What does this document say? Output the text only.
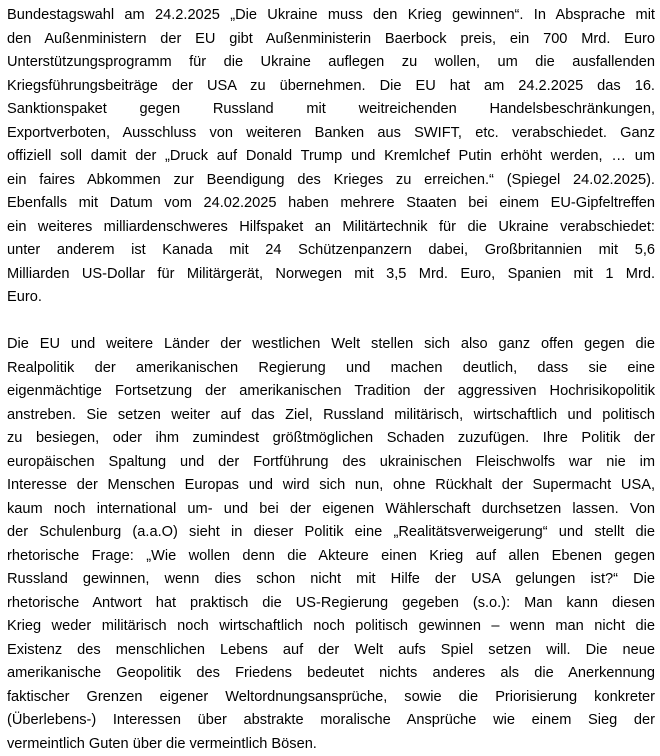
Bundestagswahl am 24.2.2025 „Die Ukraine muss den Krieg gewinnen“. In Absprache mit
den Außenministern der EU gibt Außenministerin Baerbock preis, ein 700 Mrd. Euro
Unterstützungsprogramm für die Ukraine auflegen zu wollen, um die ausfallenden
Kriegsführungsbeiträge der USA zu übernehmen. Die EU hat am 24.2.2025 das 16.
Sanktionspaket gegen Russland mit weitreichenden Handelsbeschränkungen,
Exportverboten, Ausschluss von weiteren Banken aus SWIFT, etc. verabschiedet. Ganz
offiziell soll damit der „Druck auf Donald Trump und Kremlchef Putin erhöht werden, … um
ein faires Abkommen zur Beendigung des Krieges zu erreichen.“ (Spiegel 24.02.2025).
Ebenfalls mit Datum vom 24.02.2025 haben mehrere Staaten bei einem EU-Gipfeltreffen
ein weiteres milliardenschweres Hilfspaket an Militärtechnik für die Ukraine verabschiedet:
unter anderem ist Kanada mit 24 Schützenpanzern dabei, Großbritannien mit 5,6
Milliarden US-Dollar für Militärgerät, Norwegen mit 3,5 Mrd. Euro, Spanien mit 1 Mrd.
Euro.
Die EU und weitere Länder der westlichen Welt stellen sich also ganz offen gegen die
Realpolitik der amerikanischen Regierung und machen deutlich, dass sie eine
eigenmächtige Fortsetzung der amerikanischen Tradition der aggressiven Hochrisikopolitik
anstreben. Sie setzen weiter auf das Ziel, Russland militärisch, wirtschaftlich und politisch
zu besiegen, oder ihm zumindest größtmöglichen Schaden zuzufügen. Ihre Politik der
europäischen Spaltung und der Fortführung des ukrainischen Fleischwolfs war nie im
Interesse der Menschen Europas und wird sich nun, ohne Rückhalt der Supermacht USA,
kaum noch international um- und bei der eigenen Wählerschaft durchsetzen lassen. Von
der Schulenburg (a.a.O) sieht in dieser Politik eine „Realitätsverweigerung“ und stellt die
rhetorische Frage: „Wie wollen denn die Akteure einen Krieg auf allen Ebenen gegen
Russland gewinnen, wenn dies schon nicht mit Hilfe der USA gelungen ist?“ Die
rhetorische Antwort hat praktisch die US-Regierung gegeben (s.o.): Man kann diesen
Krieg weder militärisch noch wirtschaftlich noch politisch gewinnen – wenn man nicht die
Existenz des menschlichen Lebens auf der Welt aufs Spiel setzen will. Die neue
amerikanische Geopolitik des Friedens bedeutet nichts anderes als die Anerkennung
faktischer Grenzen eigener Weltordnungsansprüche, sowie die Priorisierung konkreter
(Überlebens-) Interessen über abstrakte moralische Ansprüche wie einem Sieg der
vermeintlich Guten über die vermeintlich Bösen.
